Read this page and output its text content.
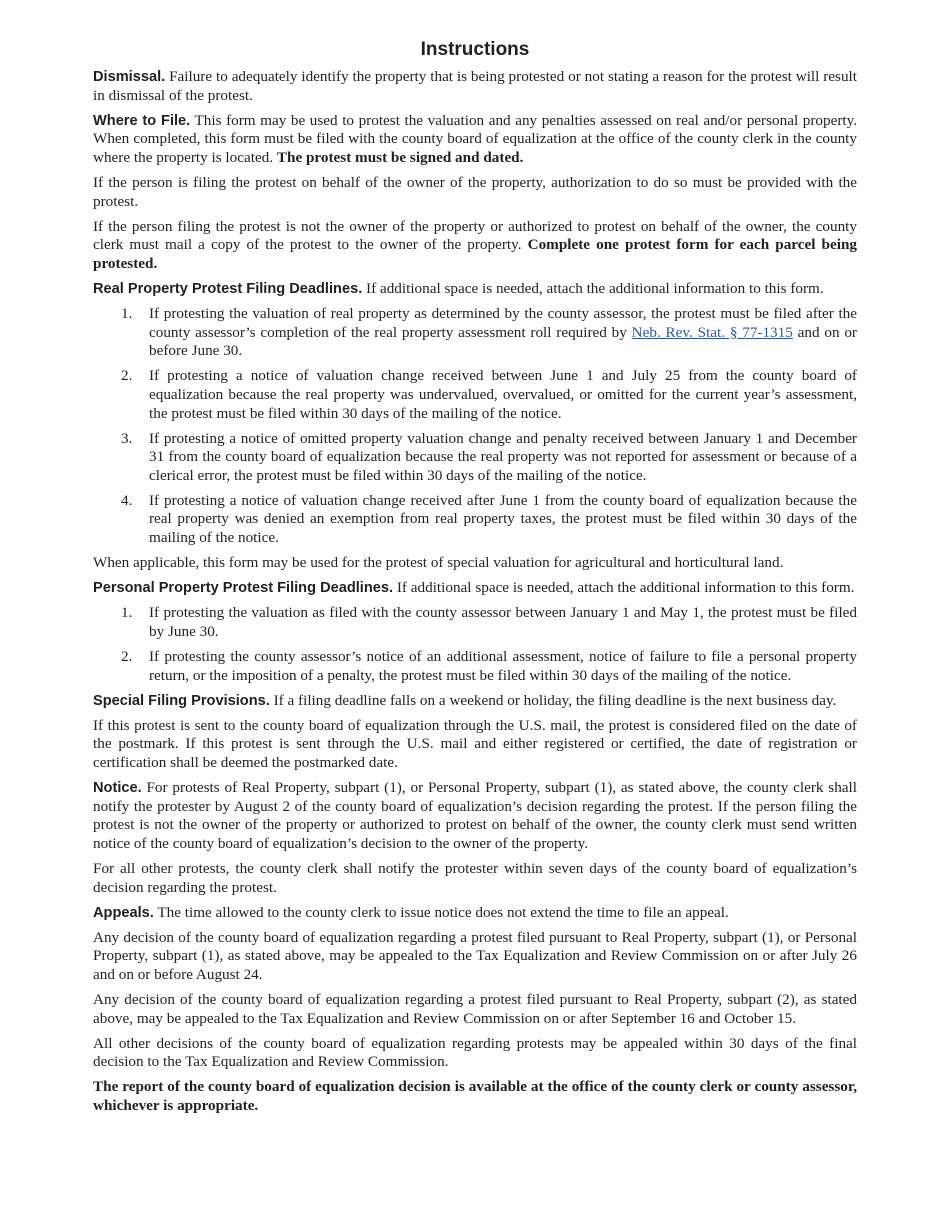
Instructions

Dismissal. Failure to adequately identify the property that is being protested or not stating a reason for the protest will result in dismissal of the protest.

Where to File. This form may be used to protest the valuation and any penalties assessed on real and/or personal property. When completed, this form must be filed with the county board of equalization at the office of the county clerk in the county where the property is located. The protest must be signed and dated.

If the person is filing the protest on behalf of the owner of the property, authorization to do so must be provided with the protest.

If the person filing the protest is not the owner of the property or authorized to protest on behalf of the owner, the county clerk must mail a copy of the protest to the owner of the property. Complete one protest form for each parcel being protested.

Real Property Protest Filing Deadlines. If additional space is needed, attach the additional information to this form.

1. If protesting the valuation of real property as determined by the county assessor, the protest must be filed after the county assessor’s completion of the real property assessment roll required by Neb. Rev. Stat. § 77-1315 and on or before June 30.
2. If protesting a notice of valuation change received between June 1 and July 25 from the county board of equalization because the real property was undervalued, overvalued, or omitted for the current year’s assessment, the protest must be filed within 30 days of the mailing of the notice.
3. If protesting a notice of omitted property valuation change and penalty received between January 1 and December 31 from the county board of equalization because the real property was not reported for assessment or because of a clerical error, the protest must be filed within 30 days of the mailing of the notice.
4. If protesting a notice of valuation change received after June 1 from the county board of equalization because the real property was denied an exemption from real property taxes, the protest must be filed within 30 days of the mailing of the notice.

When applicable, this form may be used for the protest of special valuation for agricultural and horticultural land.

Personal Property Protest Filing Deadlines. If additional space is needed, attach the additional information to this form.

1. If protesting the valuation as filed with the county assessor between January 1 and May 1, the protest must be filed by June 30.
2. If protesting the county assessor’s notice of an additional assessment, notice of failure to file a personal property return, or the imposition of a penalty, the protest must be filed within 30 days of the mailing of the notice.

Special Filing Provisions. If a filing deadline falls on a weekend or holiday, the filing deadline is the next business day.

If this protest is sent to the county board of equalization through the U.S. mail, the protest is considered filed on the date of the postmark. If this protest is sent through the U.S. mail and either registered or certified, the date of registration or certification shall be deemed the postmarked date.

Notice. For protests of Real Property, subpart (1), or Personal Property, subpart (1), as stated above, the county clerk shall notify the protester by August 2 of the county board of equalization’s decision regarding the protest. If the person filing the protest is not the owner of the property or authorized to protest on behalf of the owner, the county clerk must send written notice of the county board of equalization’s decision to the owner of the property.

For all other protests, the county clerk shall notify the protester within seven days of the county board of equalization’s decision regarding the protest.

Appeals. The time allowed to the county clerk to issue notice does not extend the time to file an appeal.

Any decision of the county board of equalization regarding a protest filed pursuant to Real Property, subpart (1), or Personal Property, subpart (1), as stated above, may be appealed to the Tax Equalization and Review Commission on or after July 26 and on or before August 24.

Any decision of the county board of equalization regarding a protest filed pursuant to Real Property, subpart (2), as stated above, may be appealed to the Tax Equalization and Review Commission on or after September 16 and October 15.

All other decisions of the county board of equalization regarding protests may be appealed within 30 days of the final decision to the Tax Equalization and Review Commission.

The report of the county board of equalization decision is available at the office of the county clerk or county assessor, whichever is appropriate.
